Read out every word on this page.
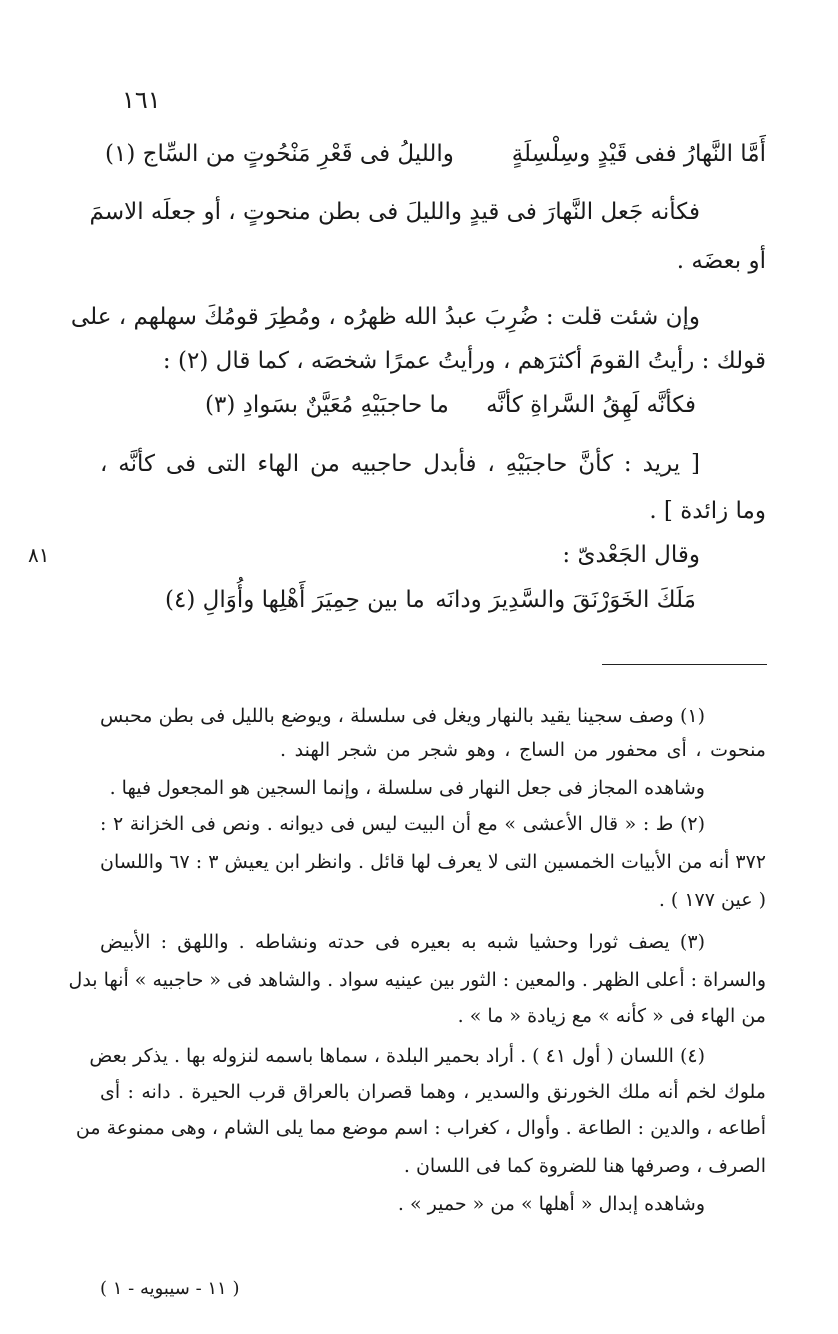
١٦١
٨١
أَمَّا النَّهارُ ففى قَيْدٍ وسِلْسِلَةٍ
والليلُ فى قَعْرِ مَنْحُوتٍ من السِّاج (١)
فكأنه جَعل النَّهارَ فى قيدٍ والليلَ فى بطن منحوتٍ ، أو جعلَه الاسمَ
أو بعضَه .
وإن شئت قلت : ضُرِبَ عبدُ الله ظهرُه ، ومُطِرَ قومُكَ سهلهم ، على
قولك : رأيتُ القومَ أكثرَهم ، ورأيتُ عمرًا شخصَه ، كما قال (٢) :
فكأنَّه لَهِقُ السَّراةِ كأنَّه
ما حاجبَيْهِ مُعَيَّنٌ بسَوادِ (٣)
[ يريد : كأنَّ حاجبَيْهِ ، فأبدل حاجبيه من الهاء التى فى كأنَّه ،
وما زائدة ] .
وقال الجَعْدىّ :
مَلَكَ الخَوَرْنَقَ والسَّدِيرَ ودانَه
ما بين حِمِيَرَ أَهْلِها وأُوَالِ (٤)
(١) وصف سجينا يقيد بالنهار ويغل فى سلسلة ، ويوضع بالليل فى بطن محبس
منحوت ، أى محفور من الساج ، وهو شجر من شجر الهند .
وشاهده المجاز فى جعل النهار فى سلسلة ، وإنما السجين هو المجعول فيها .
(٢) ط : « قال الأعشى » مع أن البيت ليس فى ديوانه . ونص فى الخزانة ٢ :
٣٧٢ أنه من الأبيات الخمسين التى لا يعرف لها قائل . وانظر ابن يعيش ٣ : ٦٧ واللسان
( عين ١٧٧ ) .
(٣) يصف ثورا وحشيا شبه به بعيره فى حدته ونشاطه . واللهق : الأبيض
والسراة : أعلى الظهر . والمعين : الثور بين عينيه سواد . والشاهد فى « حاجبيه » أنها بدل
من الهاء فى « كأنه » مع زيادة « ما » .
(٤) اللسان ( أول ٤١ ) . أراد بحمير البلدة ، سماها باسمه لنزوله بها . يذكر بعض
ملوك لخم أنه ملك الخورنق والسدير ، وهما قصران بالعراق قرب الحيرة . دانه : أى
أطاعه ، والدين : الطاعة . وأوال ، كغراب : اسم موضع مما يلى الشام ، وهى ممنوعة من
الصرف ، وصرفها هنا للضروة كما فى اللسان .
وشاهده إبدال « أهلها » من « حمير » .
( ١١ - سيبويه - ١ )
